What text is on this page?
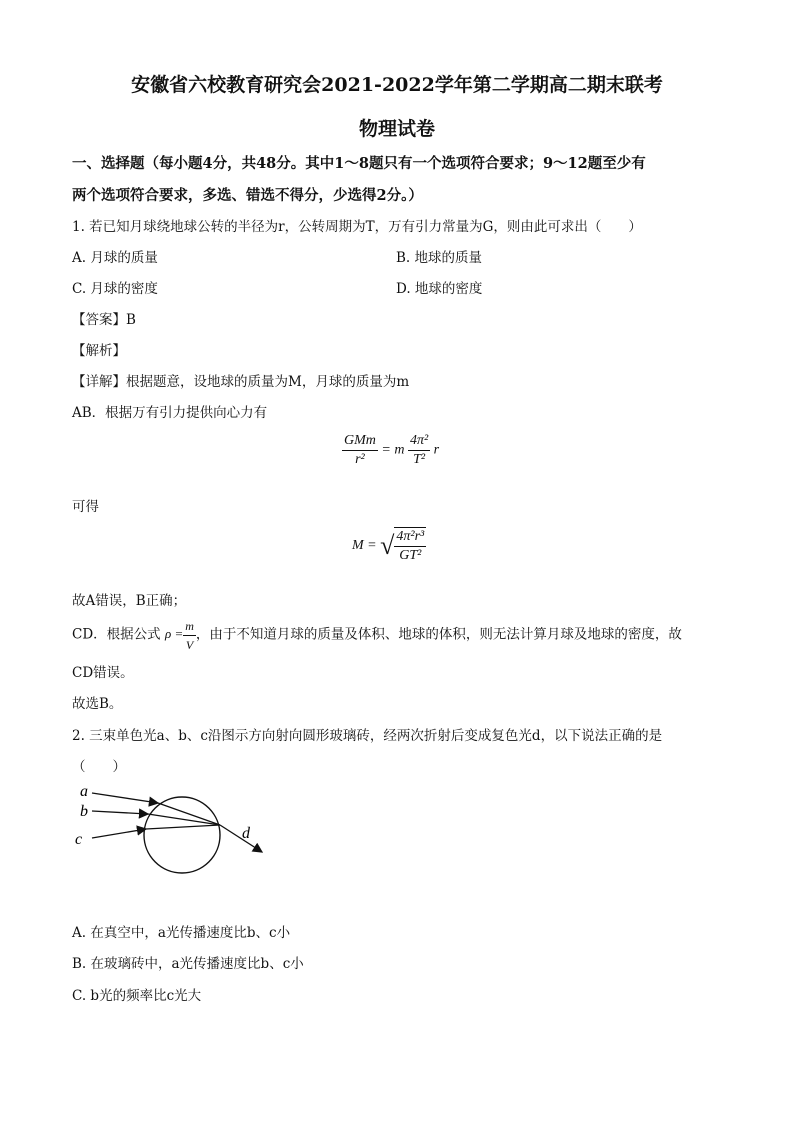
安徽省六校教育研究会2021-2022学年第二学期高二期末联考
物理试卷
一、选择题（每小题4分，共48分。其中1～8题只有一个选项符合要求；9～12题至少有
两个选项符合要求，多选、错选不得分，少选得2分。）
1. 若已知月球绕地球公转的半径为r，公转周期为T，万有引力常量为G，则由此可求出（　　）
A. 月球的质量	B. 地球的质量
C. 月球的密度	D. 地球的密度
【答案】B
【解析】
【详解】根据题意，设地球的质量为M，月球的质量为m
AB．根据万有引力提供向心力有
$\frac{\text{GMm}}{\text{r²}} = m \frac{\text{4π²}}{\text{T²}}$ r
可得
M = √ $\frac{\text{4π²r³}}{\text{GT²}}$
故A错误，B正确；
CD．根据公式 $\rho = \frac{m}{V}$ ，由于不知道月球的质量及体积、地球的体积，则无法计算月球及地球的密度，故
CD错误。
故选B。
2. 三束单色光a、b、c沿图示方向射向圆形玻璃砖，经两次折射后变成复色光d，以下说法正确的是
（　　）
a
b
c	d
A. 在真空中，a光传播速度比b、c小
B. 在玻璃砖中，a光传播速度比b、c小
C. b光的频率比c光大
